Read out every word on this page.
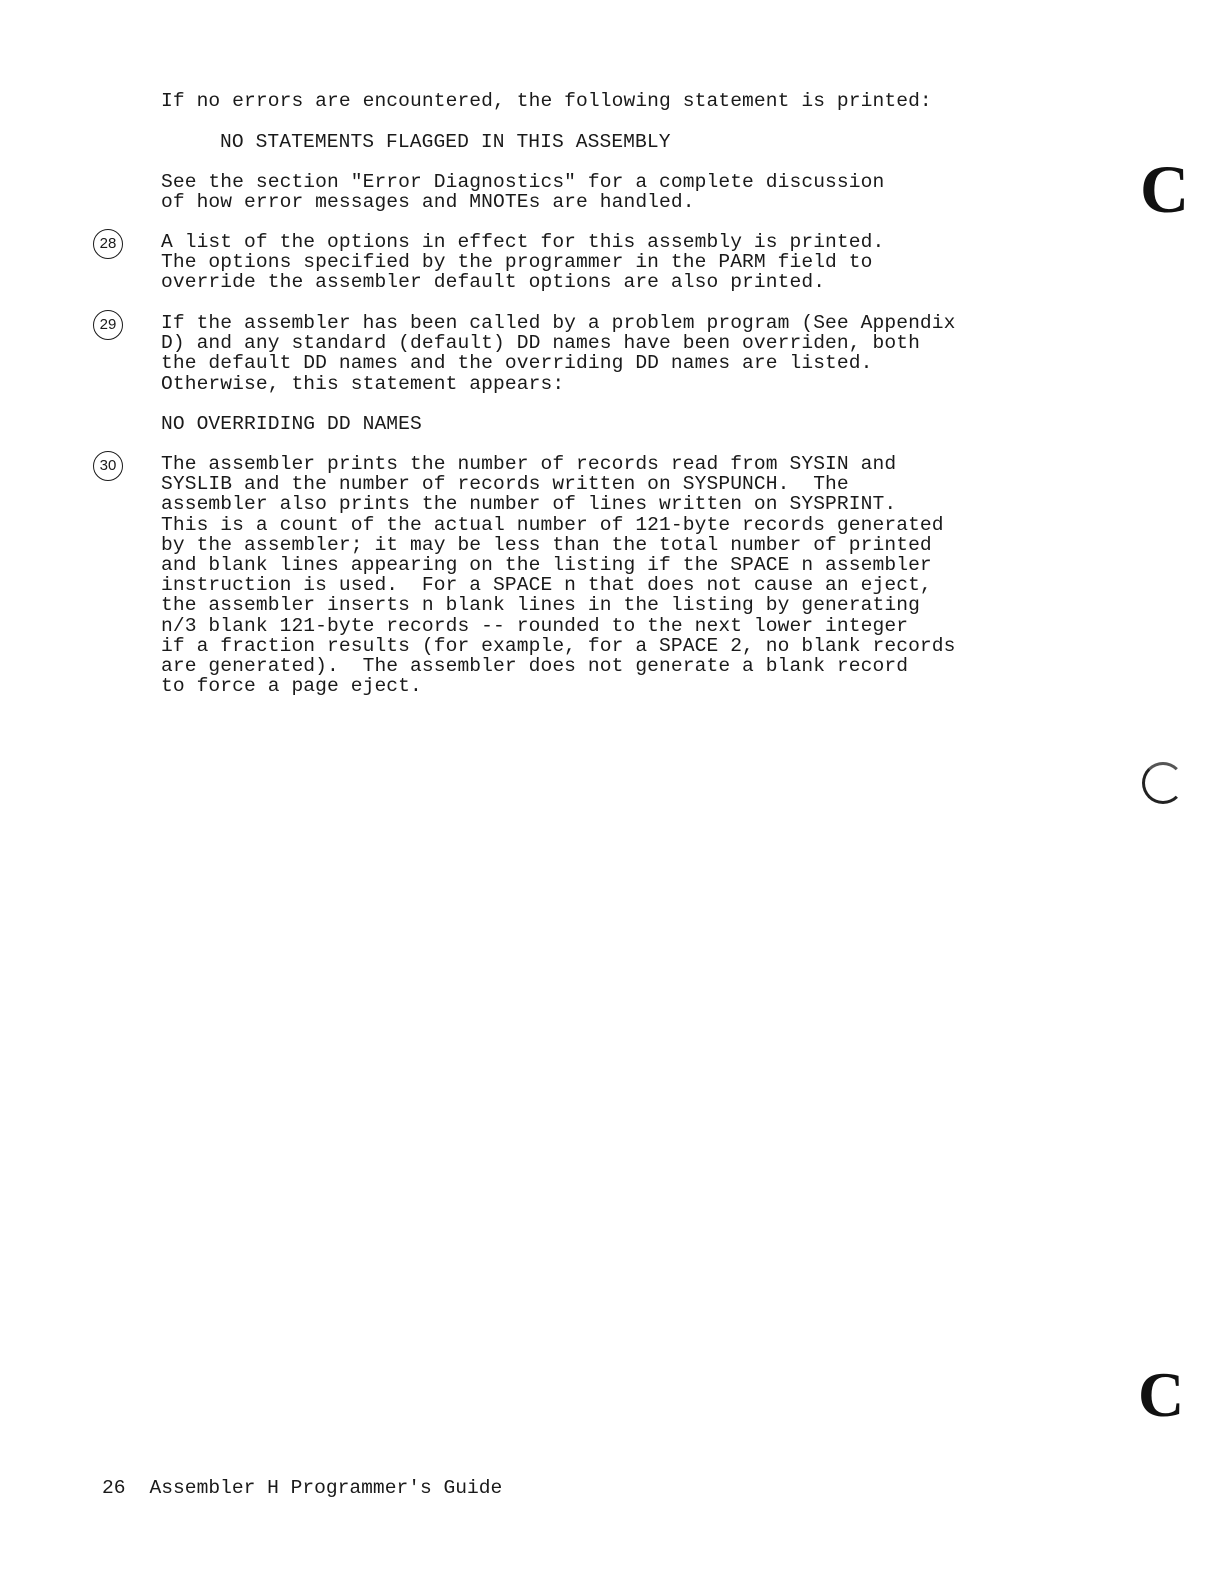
If no errors are encountered, the following statement is printed:

NO STATEMENTS FLAGGED IN THIS ASSEMBLY

See the section "Error Diagnostics" for a complete discussion
of how error messages and MNOTEs are handled.

28	A list of the options in effect for this assembly is printed.
The options specified by the programmer in the PARM field to
override the assembler default options are also printed.

29	If the assembler has been called by a problem program (See Appendix
D) and any standard (default) DD names have been overriden, both
the default DD names and the overriding DD names are listed.
Otherwise, this statement appears:

NO OVERRIDING DD NAMES

30	The assembler prints the number of records read from SYSIN and
SYSLIB and the number of records written on SYSPUNCH.  The
assembler also prints the number of lines written on SYSPRINT.
This is a count of the actual number of 121-byte records generated
by the assembler; it may be less than the total number of printed
and blank lines appearing on the listing if the SPACE n assembler
instruction is used.  For a SPACE n that does not cause an eject,
the assembler inserts n blank lines in the listing by generating
n/3 blank 121-byte records -- rounded to the next lower integer
if a fraction results (for example, for a SPACE 2, no blank records
are generated).  The assembler does not generate a blank record
to force a page eject.

C
C
26 Assembler H Programmer's Guide
